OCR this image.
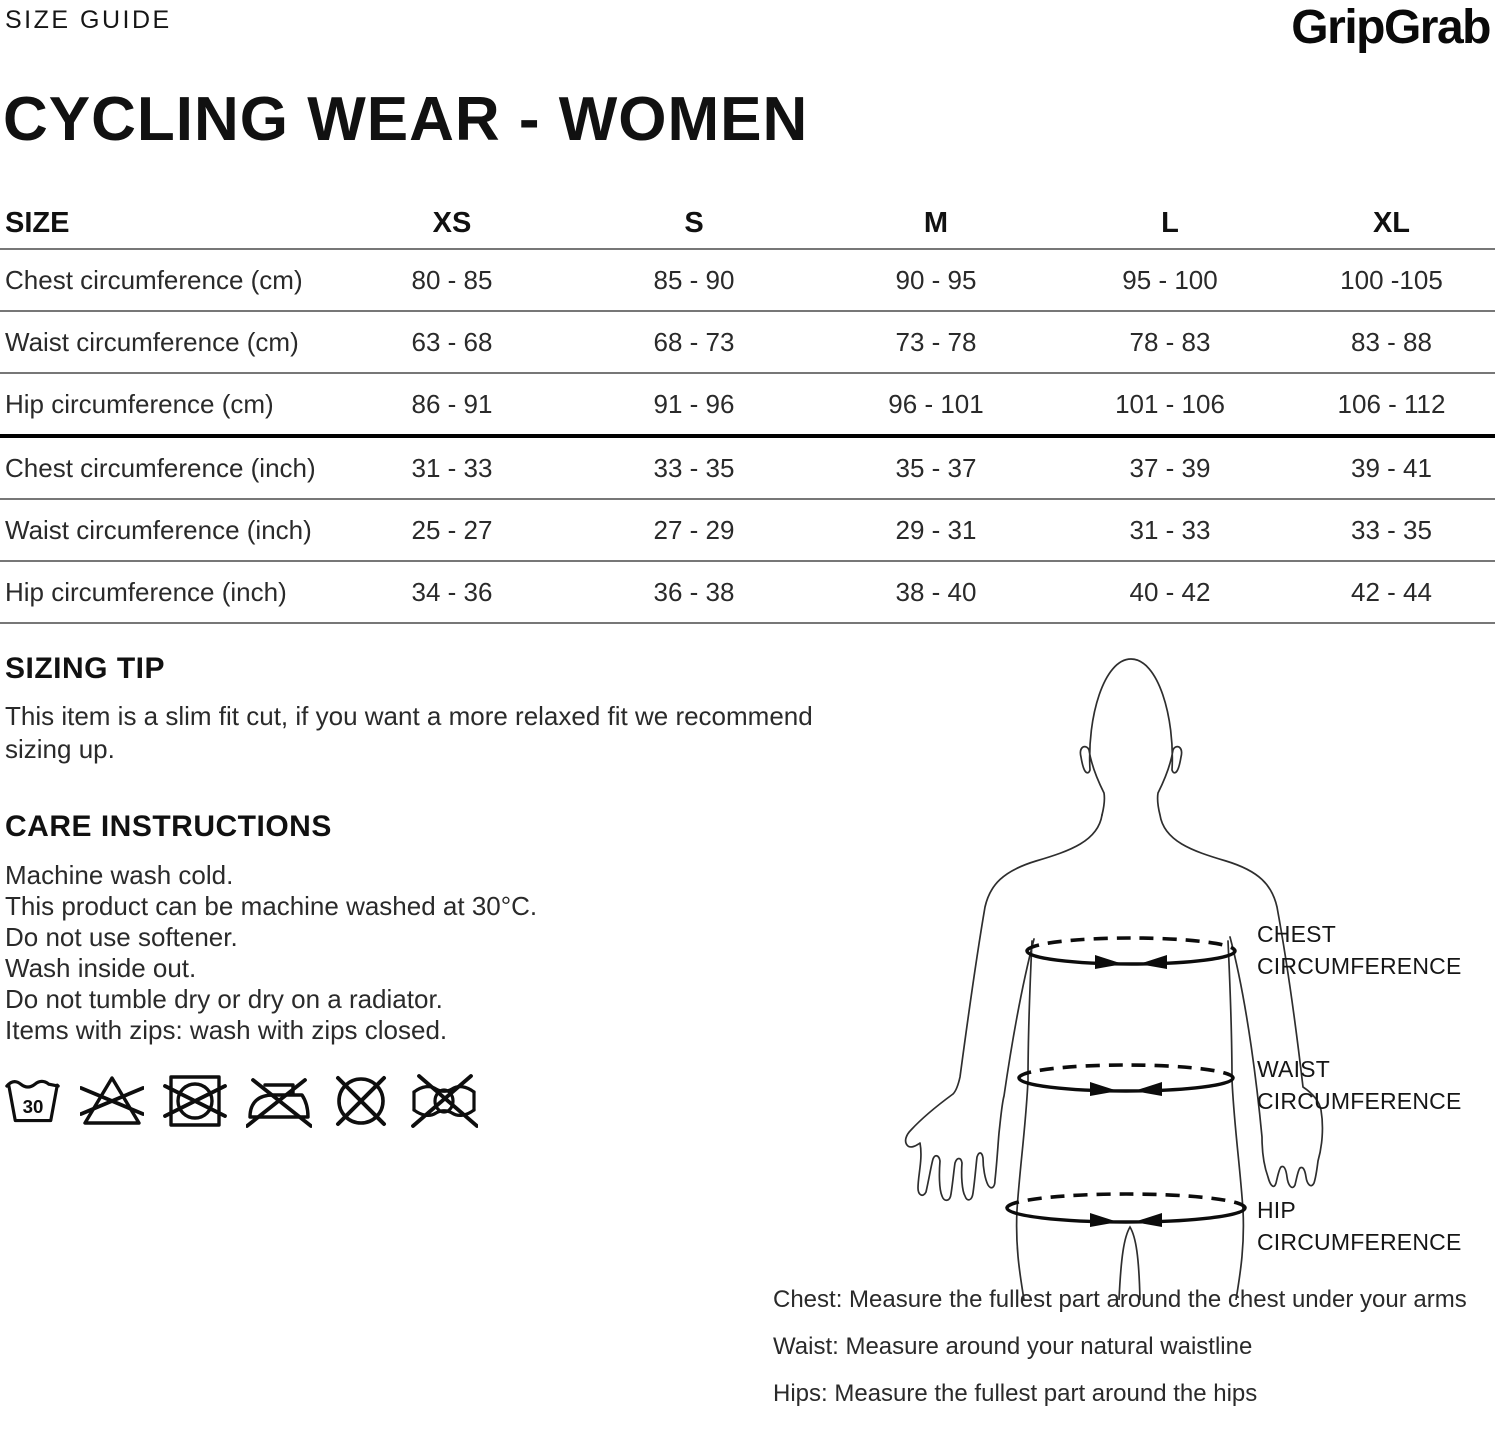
SIZE GUIDE	GripGrab
CYCLING WEAR - WOMEN
SIZE	XS	S	M	L	XL
Chest circumference (cm)	80 - 85	85 - 90	90 - 95	95 - 100	100 -105
Waist circumference (cm)	63 - 68	68 - 73	73 - 78	78 - 83	83 - 88
Hip circumference (cm)	86 - 91	91 - 96	96 - 101	101 - 106	106 - 112
Chest circumference (inch)	31 - 33	33 - 35	35 - 37	37 - 39	39 - 41
Waist circumference (inch)	25 - 27	27 - 29	29 - 31	31 - 33	33 - 35
Hip circumference (inch)	34 - 36	36 - 38	38 - 40	40 - 42	42 - 44
SIZING TIP

This item is a slim fit cut, if you want a more relaxed fit we recommend sizing up.

CARE INSTRUCTIONS
Machine wash cold.
This product can be machine washed at 30°C.
Do not use softener.
Wash inside out.
Do not tumble dry or dry on a radiator.
Items with zips: wash with zips closed.
30
CHEST
CIRCUMFERENCE
WAIST
CIRCUMFERENCE
HIP
CIRCUMFERENCE

Chest: Measure the fullest part around the chest under your arms

Waist: Measure around your natural waistline

Hips: Measure the fullest part around the hips
